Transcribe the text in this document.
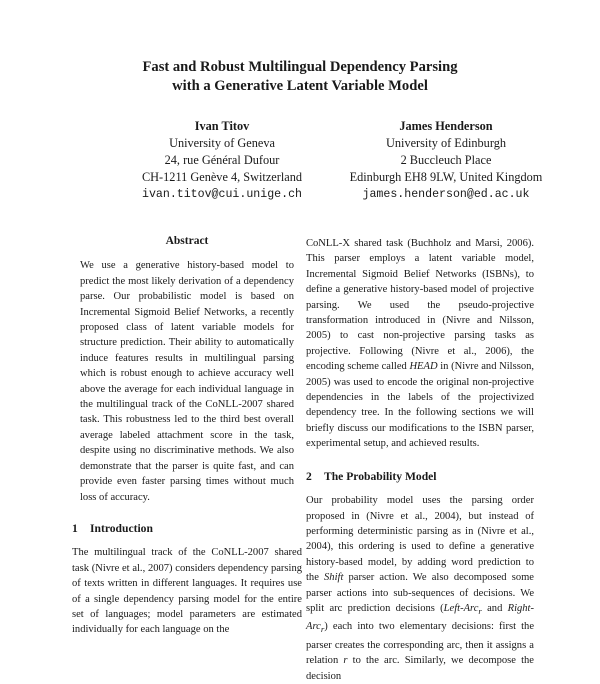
Fast and Robust Multilingual Dependency Parsing
with a Generative Latent Variable Model
Ivan Titov
University of Geneva
24, rue Général Dufour
CH-1211 Genève 4, Switzerland
ivan.titov@cui.unige.ch
James Henderson
University of Edinburgh
2 Buccleuch Place
Edinburgh EH8 9LW, United Kingdom
james.henderson@ed.ac.uk
Abstract

We use a generative history-based model to predict the most likely derivation of a dependency parse. Our probabilistic model is based on Incremental Sigmoid Belief Networks, a recently proposed class of latent variable models for structure prediction. Their ability to automatically induce features results in multilingual parsing which is robust enough to achieve accuracy well above the average for each individual language in the multilingual track of the CoNLL-2007 shared task. This robustness led to the third best overall average labeled attachment score in the task, despite using no discriminative methods. We also demonstrate that the parser is quite fast, and can provide even faster parsing times without much loss of accuracy.

1 Introduction

The multilingual track of the CoNLL-2007 shared task (Nivre et al., 2007) considers dependency parsing of texts written in different languages. It requires use of a single dependency parsing model for the entire set of languages; model parameters are estimated individually for each language on the

CoNLL-X shared task (Buchholz and Marsi, 2006). This parser employs a latent variable model, Incremental Sigmoid Belief Networks (ISBNs), to define a generative history-based model of projective parsing. We used the pseudo-projective transformation introduced in (Nivre and Nilsson, 2005) to cast non-projective parsing tasks as projective. Following (Nivre et al., 2006), the encoding scheme called HEAD in (Nivre and Nilsson, 2005) was used to encode the original non-projective dependencies in the labels of the projectivized dependency tree. In the following sections we will briefly discuss our modifications to the ISBN parser, experimental setup, and achieved results.

2 The Probability Model

Our probability model uses the parsing order proposed in (Nivre et al., 2004), but instead of performing deterministic parsing as in (Nivre et al., 2004), this ordering is used to define a generative history-based model, by adding word prediction to the Shift parser action. We also decomposed some parser actions into sub-sequences of decisions. We split arc prediction decisions (Left-Arc$_r$ and Right-Arc$_r$) each into two elementary decisions: first the parser creates the corresponding arc, then it assigns a relation r to the arc. Similarly, we decompose the decision
